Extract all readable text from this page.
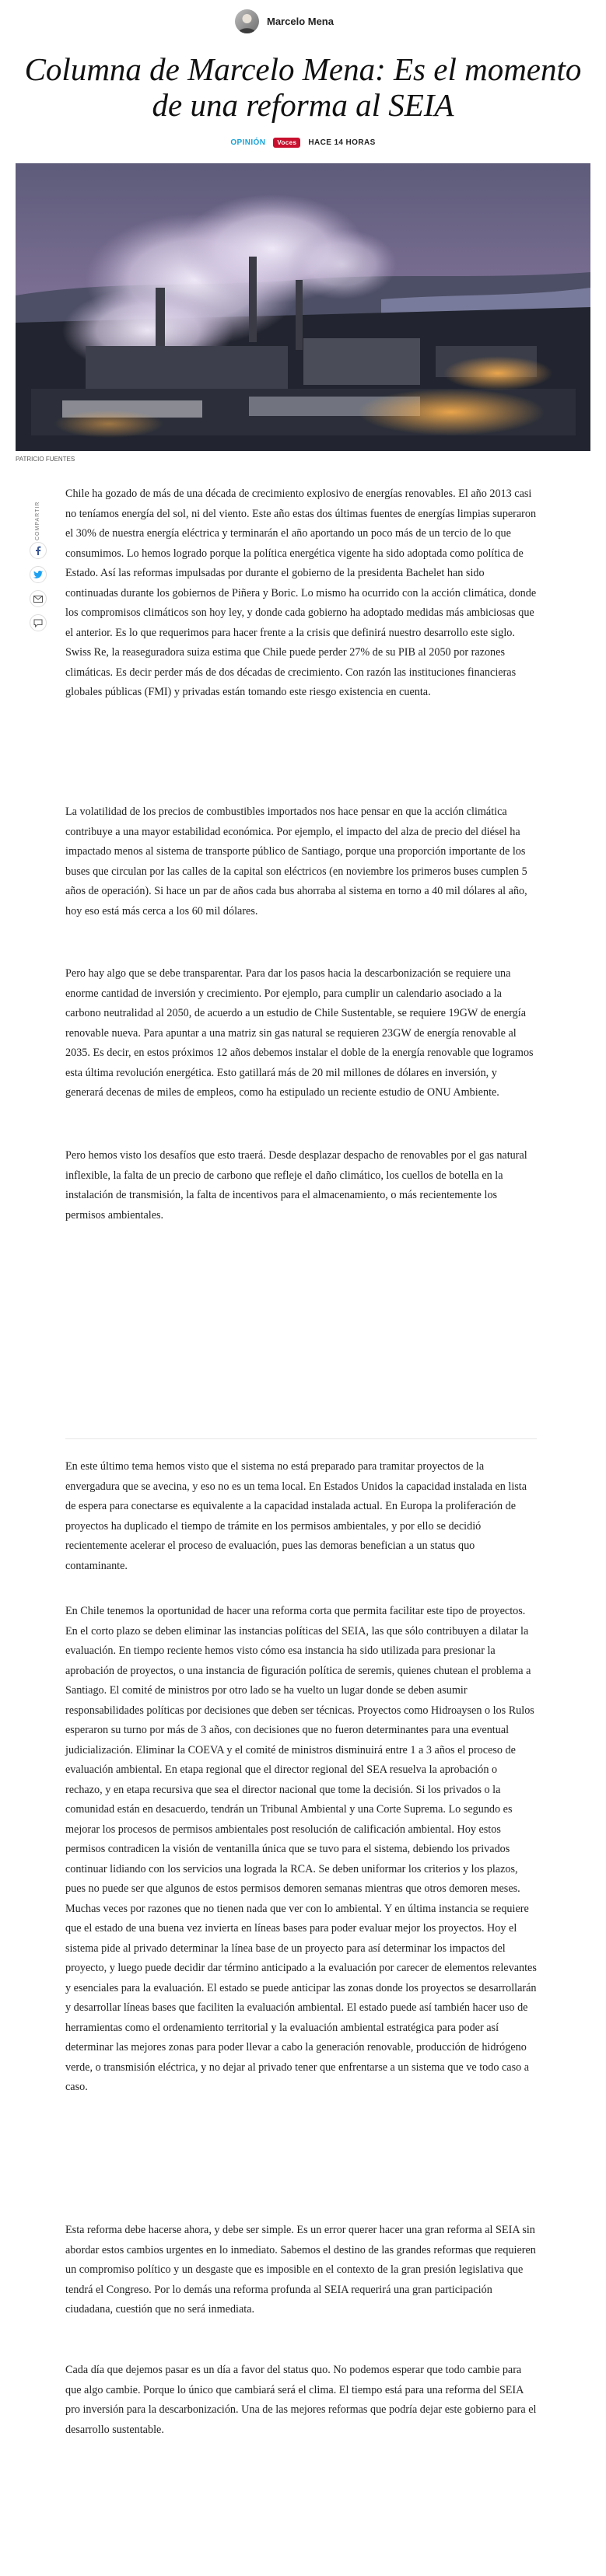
Marcelo Mena
Columna de Marcelo Mena: Es el momento de una reforma al SEIA
OPINIÓN	Voces	HACE 14 HORAS
PATRICIO FUENTES
COMPARTIR

Chile ha gozado de más de una década de crecimiento explosivo de energías renovables. El año 2013 casi no teníamos energía del sol, ni del viento. Este año estas dos últimas fuentes de energías limpias superaron el 30% de nuestra energía eléctrica y terminarán el año aportando un poco más de un tercio de lo que consumimos. Lo hemos logrado porque la política energética vigente ha sido adoptada como política de Estado. Así las reformas impulsadas por durante el gobierno de la presidenta Bachelet han sido continuadas durante los gobiernos de Piñera y Boric. Lo mismo ha ocurrido con la acción climática, donde los compromisos climáticos son hoy ley, y donde cada gobierno ha adoptado medidas más ambiciosas que el anterior. Es lo que requerimos para hacer frente a la crisis que definirá nuestro desarrollo este siglo. Swiss Re, la reaseguradora suiza estima que Chile puede perder 27% de su PIB al 2050 por razones climáticas. Es decir perder más de dos décadas de crecimiento. Con razón las instituciones financieras globales públicas (FMI) y privadas están tomando este riesgo existencia en cuenta.

La volatilidad de los precios de combustibles importados nos hace pensar en que la acción climática contribuye a una mayor estabilidad económica. Por ejemplo, el impacto del alza de precio del diésel ha impactado menos al sistema de transporte público de Santiago, porque una proporción importante de los buses que circulan por las calles de la capital son eléctricos (en noviembre los primeros buses cumplen 5 años de operación). Si hace un par de años cada bus ahorraba al sistema en torno a 40 mil dólares al año, hoy eso está más cerca a los 60 mil dólares.

Pero hay algo que se debe transparentar. Para dar los pasos hacia la descarbonización se requiere una enorme cantidad de inversión y crecimiento. Por ejemplo, para cumplir un calendario asociado a la carbono neutralidad al 2050, de acuerdo a un estudio de Chile Sustentable, se requiere 19GW de energía renovable nueva. Para apuntar a una matriz sin gas natural se requieren 23GW de energía renovable al 2035. Es decir, en estos próximos 12 años debemos instalar el doble de la energía renovable que logramos esta última revolución energética. Esto gatillará más de 20 mil millones de dólares en inversión, y generará decenas de miles de empleos, como ha estipulado un reciente estudio de ONU Ambiente.

Pero hemos visto los desafíos que esto traerá. Desde desplazar despacho de renovables por el gas natural inflexible, la falta de un precio de carbono que refleje el daño climático, los cuellos de botella en la instalación de transmisión, la falta de incentivos para el almacenamiento, o más recientemente los permisos ambientales.

En este último tema hemos visto que el sistema no está preparado para tramitar proyectos de la envergadura que se avecina, y eso no es un tema local. En Estados Unidos la capacidad instalada en lista de espera para conectarse es equivalente a la capacidad instalada actual. En Europa la proliferación de proyectos ha duplicado el tiempo de trámite en los permisos ambientales, y por ello se decidió recientemente acelerar el proceso de evaluación, pues las demoras benefician a un status quo contaminante.

En Chile tenemos la oportunidad de hacer una reforma corta que permita facilitar este tipo de proyectos. En el corto plazo se deben eliminar las instancias políticas del SEIA, las que sólo contribuyen a dilatar la evaluación. En tiempo reciente hemos visto cómo esa instancia ha sido utilizada para presionar la aprobación de proyectos, o una instancia de figuración política de seremis, quienes chutean el problema a Santiago. El comité de ministros por otro lado se ha vuelto un lugar donde se deben asumir responsabilidades políticas por decisiones que deben ser técnicas. Proyectos como Hidroaysen o los Rulos esperaron su turno por más de 3 años, con decisiones que no fueron determinantes para una eventual judicialización. Eliminar la COEVA y el comité de ministros disminuirá entre 1 a 3 años el proceso de evaluación ambiental. En etapa regional que el director regional del SEA resuelva la aprobación o rechazo, y en etapa recursiva que sea el director nacional que tome la decisión. Si los privados o la comunidad están en desacuerdo, tendrán un Tribunal Ambiental y una Corte Suprema. Lo segundo es mejorar los procesos de permisos ambientales post resolución de calificación ambiental. Hoy estos permisos contradicen la visión de ventanilla única que se tuvo para el sistema, debiendo los privados continuar lidiando con los servicios una lograda la RCA. Se deben uniformar los criterios y los plazos, pues no puede ser que algunos de estos permisos demoren semanas mientras que otros demoren meses. Muchas veces por razones que no tienen nada que ver con lo ambiental. Y en última instancia se requiere que el estado de una buena vez invierta en líneas bases para poder evaluar mejor los proyectos. Hoy el sistema pide al privado determinar la línea base de un proyecto para así determinar los impactos del proyecto, y luego puede decidir dar término anticipado a la evaluación por carecer de elementos relevantes y esenciales para la evaluación. El estado se puede anticipar las zonas donde los proyectos se desarrollarán y desarrollar líneas bases que faciliten la evaluación ambiental. El estado puede así también hacer uso de herramientas como el ordenamiento territorial y la evaluación ambiental estratégica para poder así determinar las mejores zonas para poder llevar a cabo la generación renovable, producción de hidrógeno verde, o transmisión eléctrica, y no dejar al privado tener que enfrentarse a un sistema que ve todo caso a caso.

Esta reforma debe hacerse ahora, y debe ser simple. Es un error querer hacer una gran reforma al SEIA sin abordar estos cambios urgentes en lo inmediato. Sabemos el destino de las grandes reformas que requieren un compromiso político y un desgaste que es imposible en el contexto de la gran presión legislativa que tendrá el Congreso. Por lo demás una reforma profunda al SEIA requerirá una gran participación ciudadana, cuestión que no será inmediata.

Cada día que dejemos pasar es un día a favor del status quo. No podemos esperar que todo cambie para que algo cambie. Porque lo único que cambiará será el clima. El tiempo está para una reforma del SEIA pro inversión para la descarbonización. Una de las mejores reformas que podría dejar este gobierno para el desarrollo sustentable.
